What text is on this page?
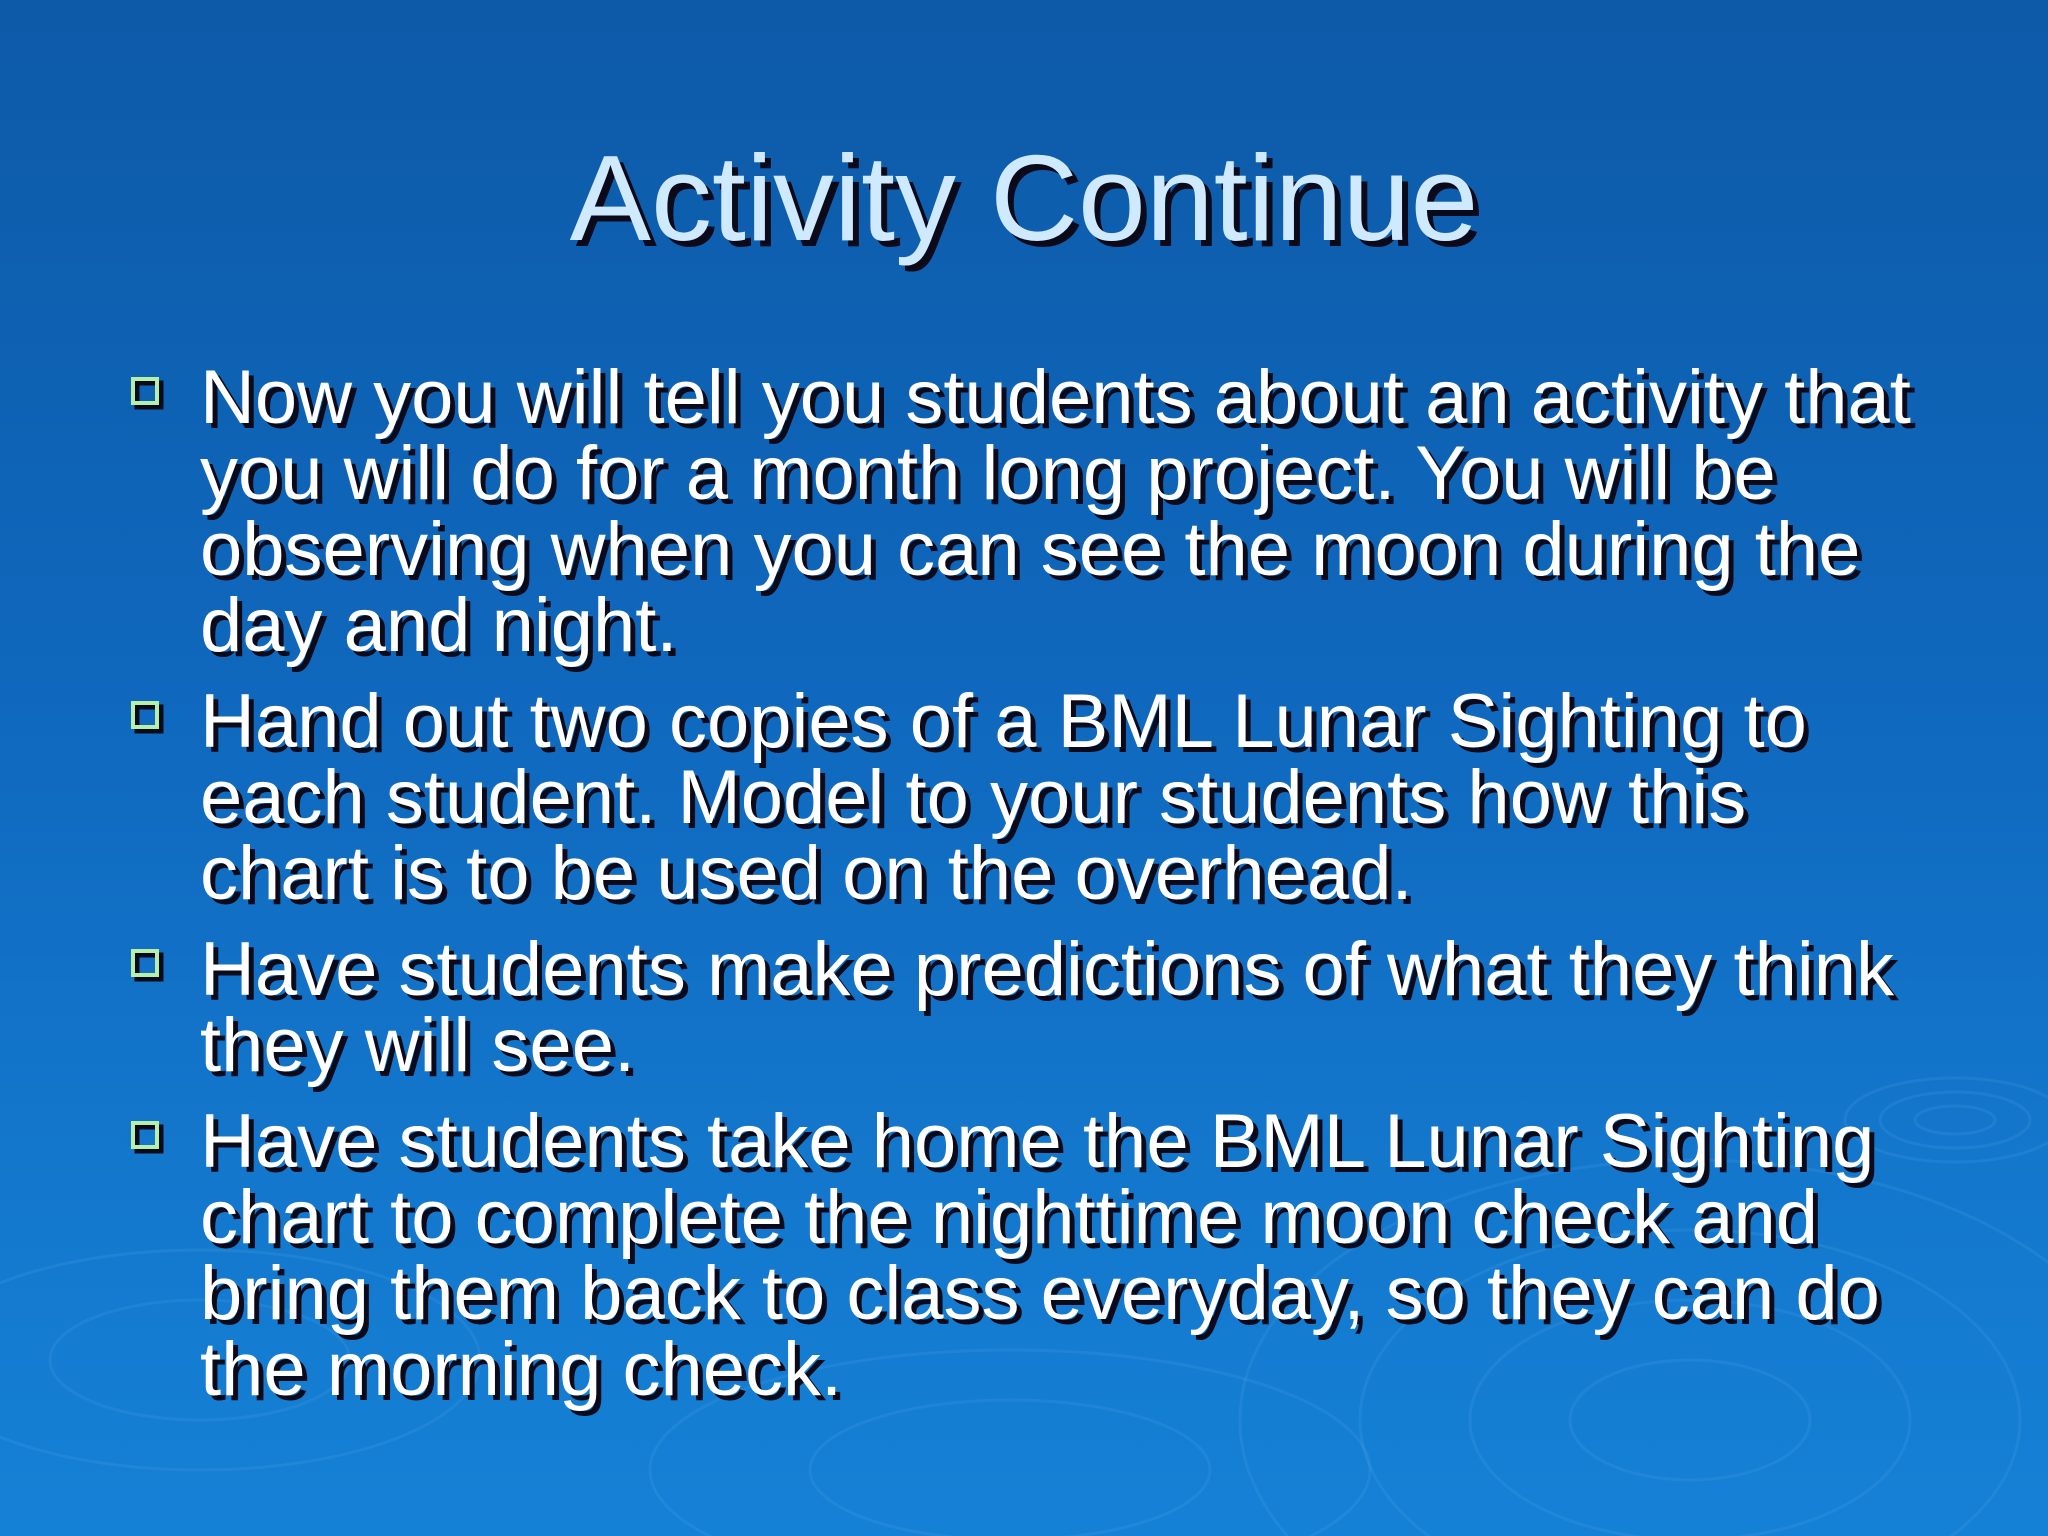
Activity Continue
Now you will tell you students about an activity that you will do for a month long project. You will be observing when you can see the moon during the day and night.
Hand out two copies of a BML Lunar Sighting to each student. Model to your students how this chart is to be used on the overhead.
Have students make predictions of what they think they will see.
Have students take home the BML Lunar Sighting chart to complete the nighttime moon check and bring them back to class everyday, so they can do the morning check.
